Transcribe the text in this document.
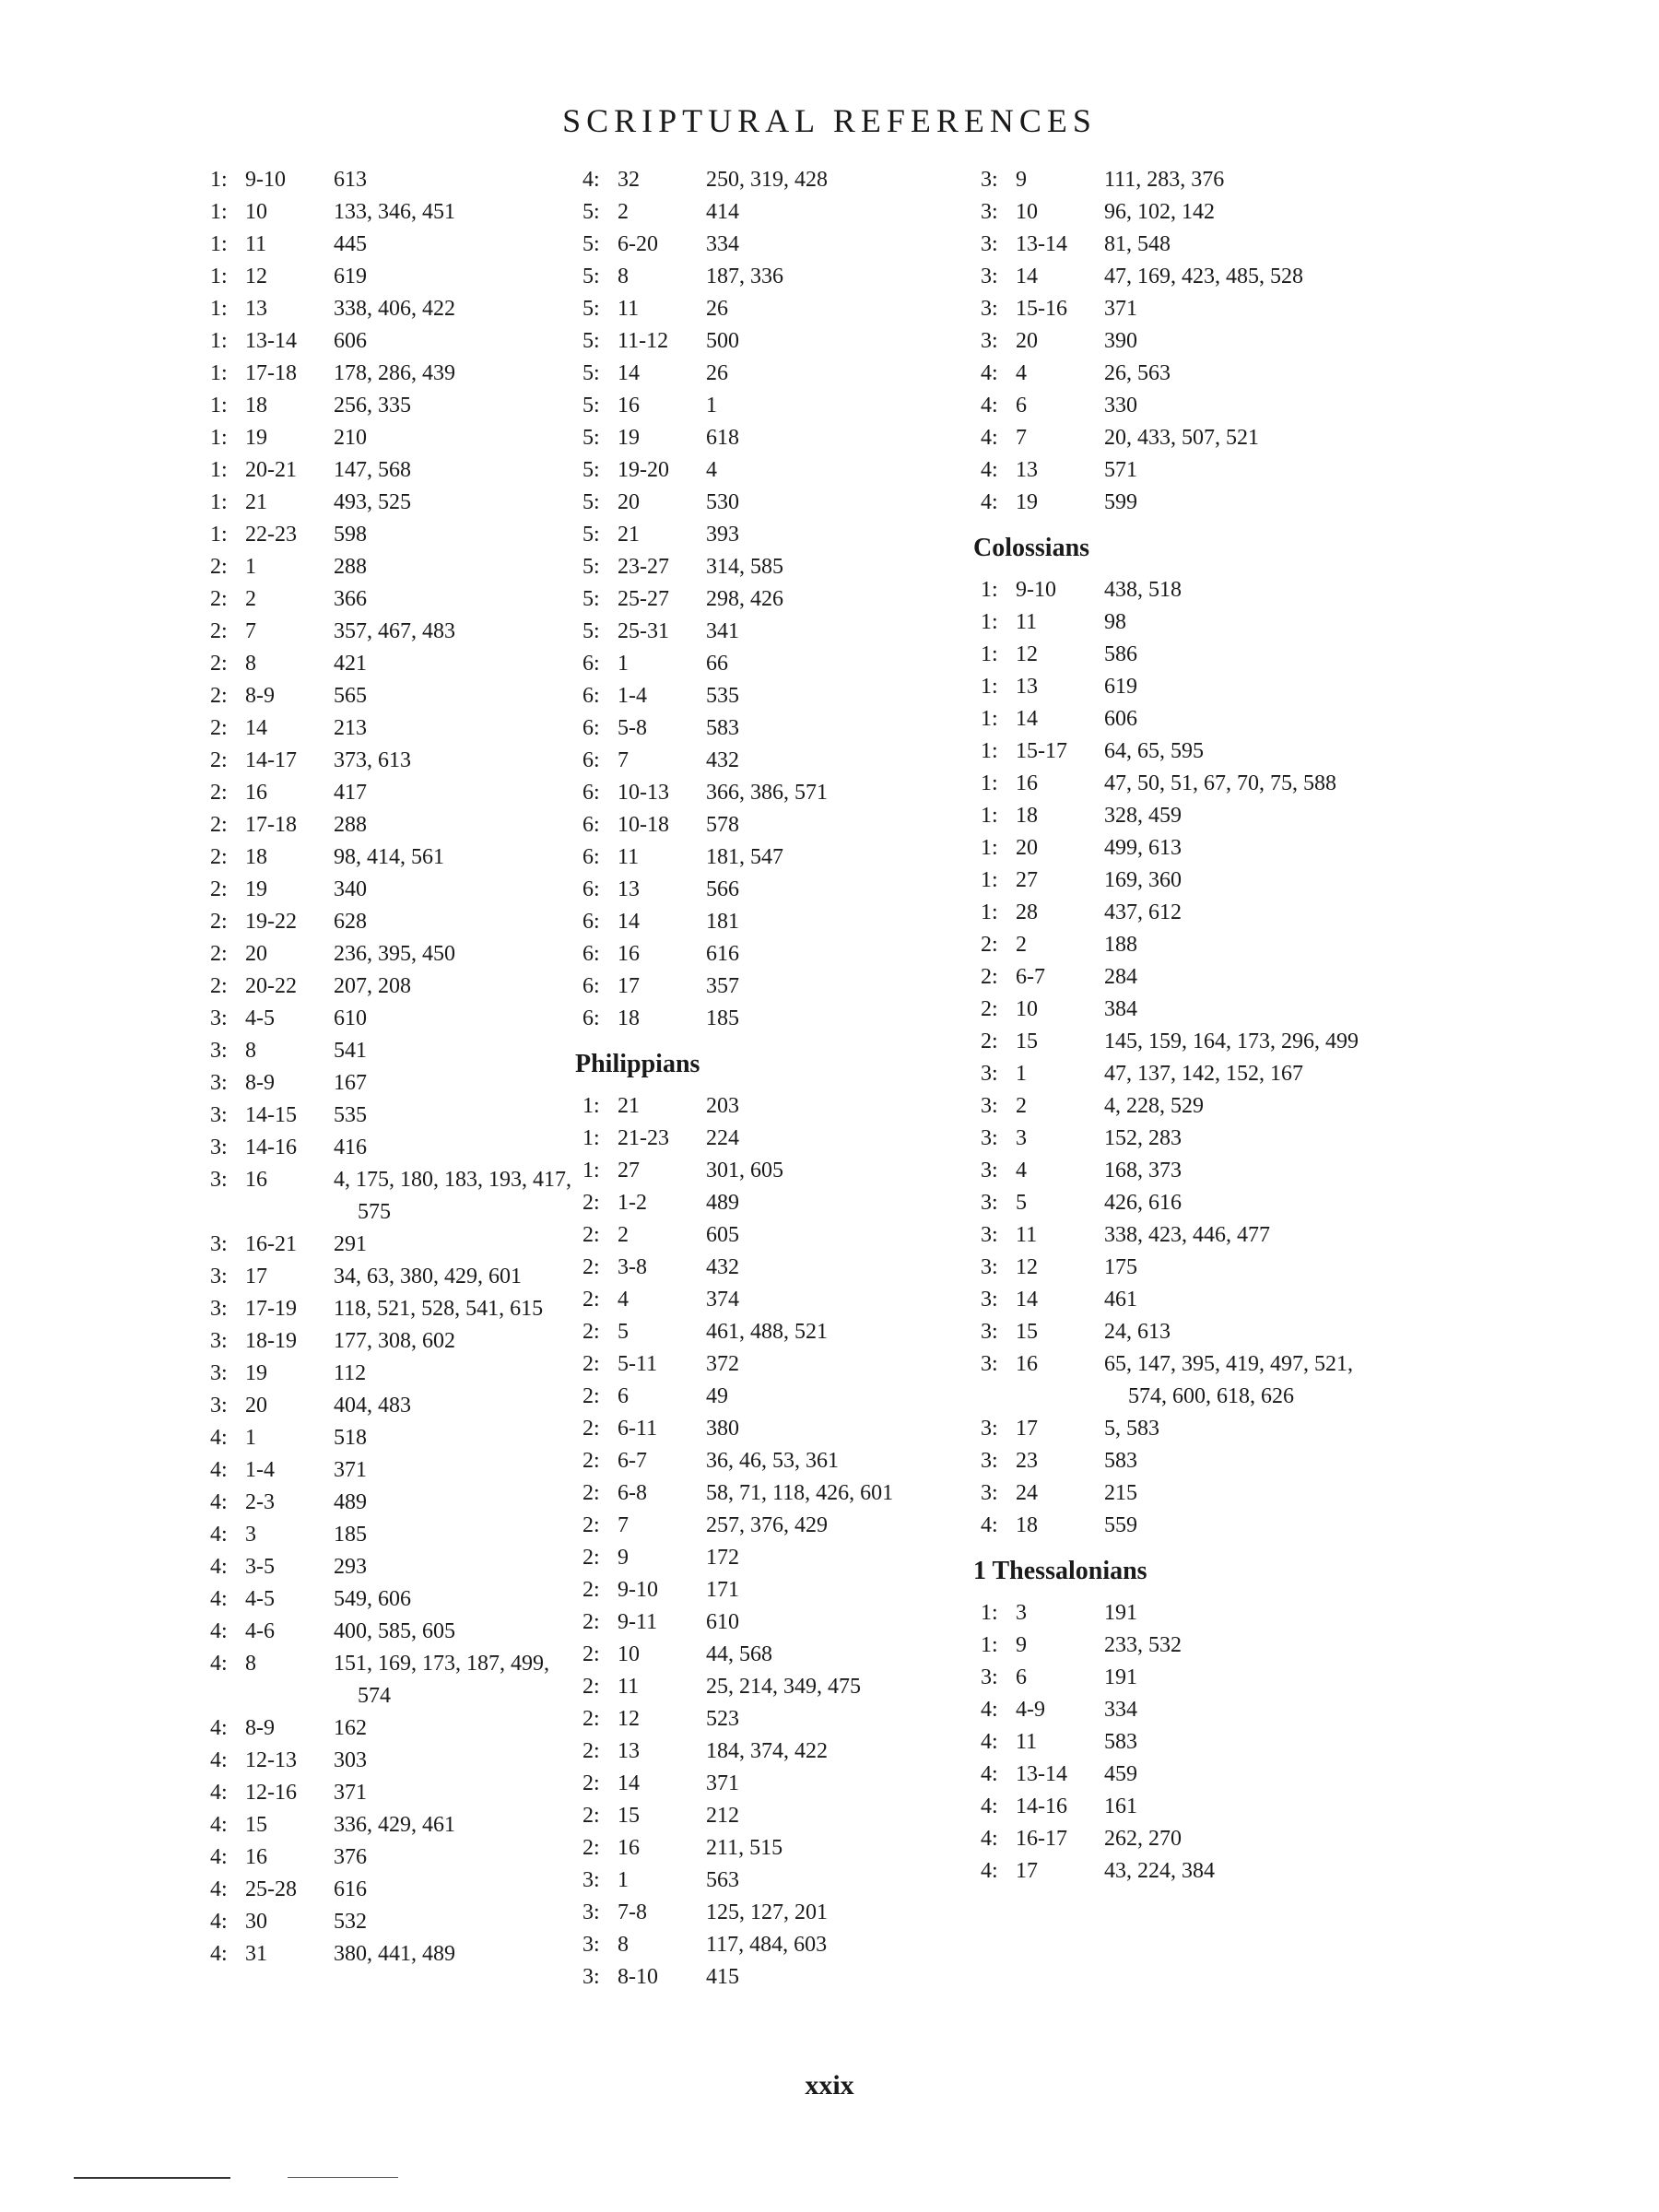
SCRIPTURAL REFERENCES
1: 9-10	613
1: 10	133, 346, 451
1: 11	445
1: 12	619
1: 13	338, 406, 422
1: 13-14	606
1: 17-18	178, 286, 439
1: 18	256, 335
1: 19	210
1: 20-21	147, 568
1: 21	493, 525
1: 22-23	598
2: 1	288
2: 2	366
2: 7	357, 467, 483
2: 8	421
2: 8-9	565
2: 14	213
2: 14-17	373, 613
2: 16	417
2: 17-18	288
2: 18	98, 414, 561
2: 19	340
2: 19-22	628
2: 20	236, 395, 450
2: 20-22	207, 208
3: 4-5	610
3: 8	541
3: 8-9	167
3: 14-15	535
3: 14-16	416
3: 16	4, 175, 180, 183, 193, 417, 575
3: 16-21	291
3: 17	34, 63, 380, 429, 601
3: 17-19	118, 521, 528, 541, 615
3: 18-19	177, 308, 602
3: 19	112
3: 20	404, 483
4: 1	518
4: 1-4	371
4: 2-3	489
4: 3	185
4: 3-5	293
4: 4-5	549, 606
4: 4-6	400, 585, 605
4: 8	151, 169, 173, 187, 499, 574
4: 8-9	162
4: 12-13	303
4: 12-16	371
4: 15	336, 429, 461
4: 16	376
4: 25-28	616
4: 30	532
4: 31	380, 441, 489
4: 32	250, 319, 428
5: 2	414
5: 6-20	334
5: 8	187, 336
5: 11	26
5: 11-12	500
5: 14	26
5: 16	1
5: 19	618
5: 19-20	4
5: 20	530
5: 21	393
5: 23-27	314, 585
5: 25-27	298, 426
5: 25-31	341
6: 1	66
6: 1-4	535
6: 5-8	583
6: 7	432
6: 10-13	366, 386, 571
6: 10-18	578
6: 11	181, 547
6: 13	566
6: 14	181
6: 16	616
6: 17	357
6: 18	185
Philippians
1: 21	203
1: 21-23	224
1: 27	301, 605
2: 1-2	489
2: 2	605
2: 3-8	432
2: 4	374
2: 5	461, 488, 521
2: 5-11	372
2: 6	49
2: 6-11	380
2: 6-7	36, 46, 53, 361
2: 6-8	58, 71, 118, 426, 601
2: 7	257, 376, 429
2: 9	172
2: 9-10	171
2: 9-11	610
2: 10	44, 568
2: 11	25, 214, 349, 475
2: 12	523
2: 13	184, 374, 422
2: 14	371
2: 15	212
2: 16	211, 515
3: 1	563
3: 7-8	125, 127, 201
3: 8	117, 484, 603
3: 8-10	415
3: 9	111, 283, 376
3: 10	96, 102, 142
3: 13-14	81, 548
3: 14	47, 169, 423, 485, 528
3: 15-16	371
3: 20	390
4: 4	26, 563
4: 6	330
4: 7	20, 433, 507, 521
4: 13	571
4: 19	599
Colossians
1: 9-10	438, 518
1: 11	98
1: 12	586
1: 13	619
1: 14	606
1: 15-17	64, 65, 595
1: 16	47, 50, 51, 67, 70, 75, 588
1: 18	328, 459
1: 20	499, 613
1: 27	169, 360
1: 28	437, 612
2: 2	188
2: 6-7	284
2: 10	384
2: 15	145, 159, 164, 173, 296, 499
3: 1	47, 137, 142, 152, 167
3: 2	4, 228, 529
3: 3	152, 283
3: 4	168, 373
3: 5	426, 616
3: 11	338, 423, 446, 477
3: 12	175
3: 14	461
3: 15	24, 613
3: 16	65, 147, 395, 419, 497, 521, 574, 600, 618, 626
3: 17	5, 583
3: 23	583
3: 24	215
4: 18	559
1 Thessalonians
1: 3	191
1: 9	233, 532
3: 6	191
4: 4-9	334
4: 11	583
4: 13-14	459
4: 14-16	161
4: 16-17	262, 270
4: 17	43, 224, 384
xxix
